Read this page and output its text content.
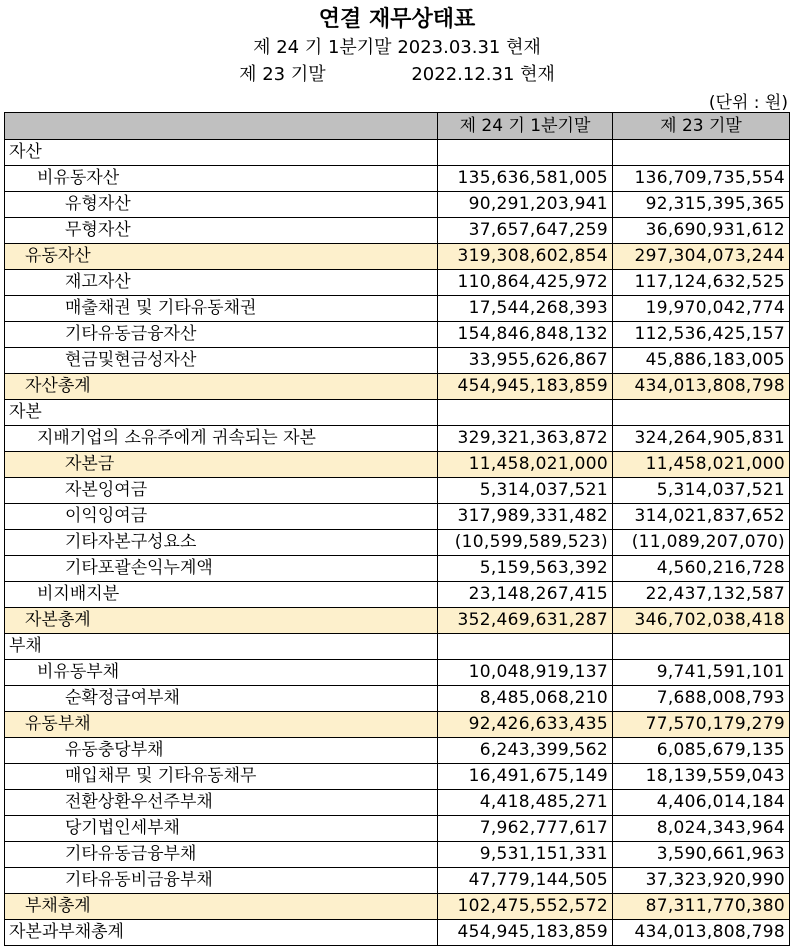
연결 재무상태표
제 24 기 1분기말 2023.03.31 현재
제 23 기말	2022.12.31 현재
(단위 : 원)
	제 24 기 1분기말	제 23 기말
자산		
비유동자산	135,636,581,005	136,709,735,554
유형자산	90,291,203,941	92,315,395,365
무형자산	37,657,647,259	36,690,931,612
유동자산	319,308,602,854	297,304,073,244
재고자산	110,864,425,972	117,124,632,525
매출채권 및 기타유동채권	17,544,268,393	19,970,042,774
기타유동금융자산	154,846,848,132	112,536,425,157
현금및현금성자산	33,955,626,867	45,886,183,005
자산총계	454,945,183,859	434,013,808,798
자본		
지배기업의 소유주에게 귀속되는 자본	329,321,363,872	324,264,905,831
자본금	11,458,021,000	11,458,021,000
자본잉여금	5,314,037,521	5,314,037,521
이익잉여금	317,989,331,482	314,021,837,652
기타자본구성요소	(10,599,589,523)	(11,089,207,070)
기타포괄손익누계액	5,159,563,392	4,560,216,728
비지배지분	23,148,267,415	22,437,132,587
자본총계	352,469,631,287	346,702,038,418
부채		
비유동부채	10,048,919,137	9,741,591,101
순확정급여부채	8,485,068,210	7,688,008,793
유동부채	92,426,633,435	77,570,179,279
유동충당부채	6,243,399,562	6,085,679,135
매입채무 및 기타유동채무	16,491,675,149	18,139,559,043
전환상환우선주부채	4,418,485,271	4,406,014,184
당기법인세부채	7,962,777,617	8,024,343,964
기타유동금융부채	9,531,151,331	3,590,661,963
기타유동비금융부채	47,779,144,505	37,323,920,990
부채총계	102,475,552,572	87,311,770,380
자본과부채총계	454,945,183,859	434,013,808,798
